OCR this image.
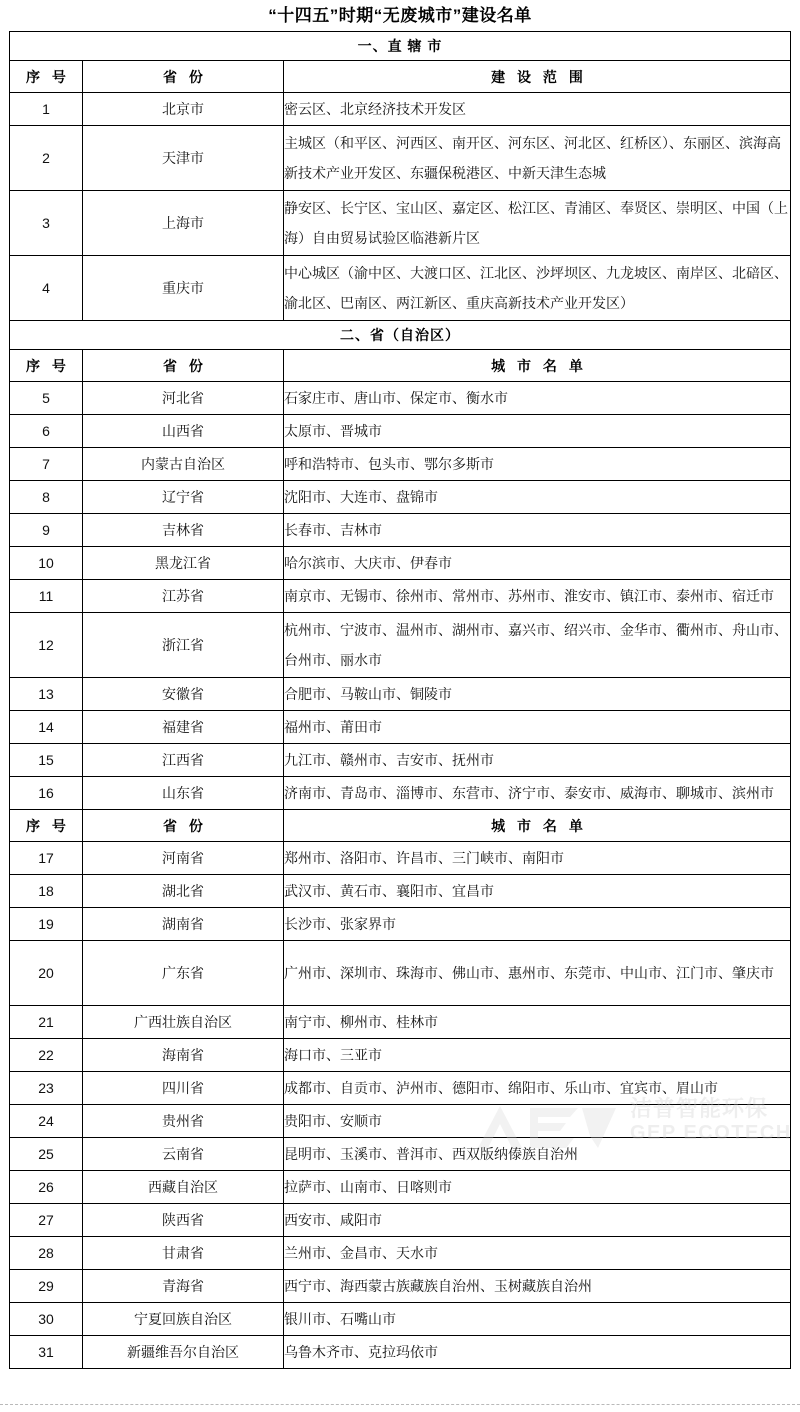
洁普智能环保
GEP ECOTECH
“十四五”时期“无废城市”建设名单
一、直 辖 市		
序 号	省 份	建 设 范 围
1	北京市	密云区、北京经济技术开发区
2	天津市	主城区（和平区、河西区、南开区、河东区、河北区、红桥区）、东丽区、滨海高新技术产业开发区、东疆保税港区、中新天津生态城
3	上海市	静安区、长宁区、宝山区、嘉定区、松江区、青浦区、奉贤区、崇明区、中国（上海）自由贸易试验区临港新片区
4	重庆市	中心城区（渝中区、大渡口区、江北区、沙坪坝区、九龙坡区、南岸区、北碚区、渝北区、巴南区、两江新区、重庆高新技术产业开发区）
二、省（自治区）		
序 号	省 份	城 市 名 单
5	河北省	石家庄市、唐山市、保定市、衡水市
6	山西省	太原市、晋城市
7	内蒙古自治区	呼和浩特市、包头市、鄂尔多斯市
8	辽宁省	沈阳市、大连市、盘锦市
9	吉林省	长春市、吉林市
10	黑龙江省	哈尔滨市、大庆市、伊春市
11	江苏省	南京市、无锡市、徐州市、常州市、苏州市、淮安市、镇江市、泰州市、宿迁市
12	浙江省	杭州市、宁波市、温州市、湖州市、嘉兴市、绍兴市、金华市、衢州市、舟山市、台州市、丽水市
13	安徽省	合肥市、马鞍山市、铜陵市
14	福建省	福州市、莆田市
15	江西省	九江市、赣州市、吉安市、抚州市
16	山东省	济南市、青岛市、淄博市、东营市、济宁市、泰安市、威海市、聊城市、滨州市
序 号	省 份	城 市 名 单
17	河南省	郑州市、洛阳市、许昌市、三门峡市、南阳市
18	湖北省	武汉市、黄石市、襄阳市、宜昌市
19	湖南省	长沙市、张家界市
20	广东省	广州市、深圳市、珠海市、佛山市、惠州市、东莞市、中山市、江门市、肇庆市
21	广西壮族自治区	南宁市、柳州市、桂林市
22	海南省	海口市、三亚市
23	四川省	成都市、自贡市、泸州市、德阳市、绵阳市、乐山市、宜宾市、眉山市
24	贵州省	贵阳市、安顺市
25	云南省	昆明市、玉溪市、普洱市、西双版纳傣族自治州
26	西藏自治区	拉萨市、山南市、日喀则市
27	陕西省	西安市、咸阳市
28	甘肃省	兰州市、金昌市、天水市
29	青海省	西宁市、海西蒙古族藏族自治州、玉树藏族自治州
30	宁夏回族自治区	银川市、石嘴山市
31	新疆维吾尔自治区	乌鲁木齐市、克拉玛依市
